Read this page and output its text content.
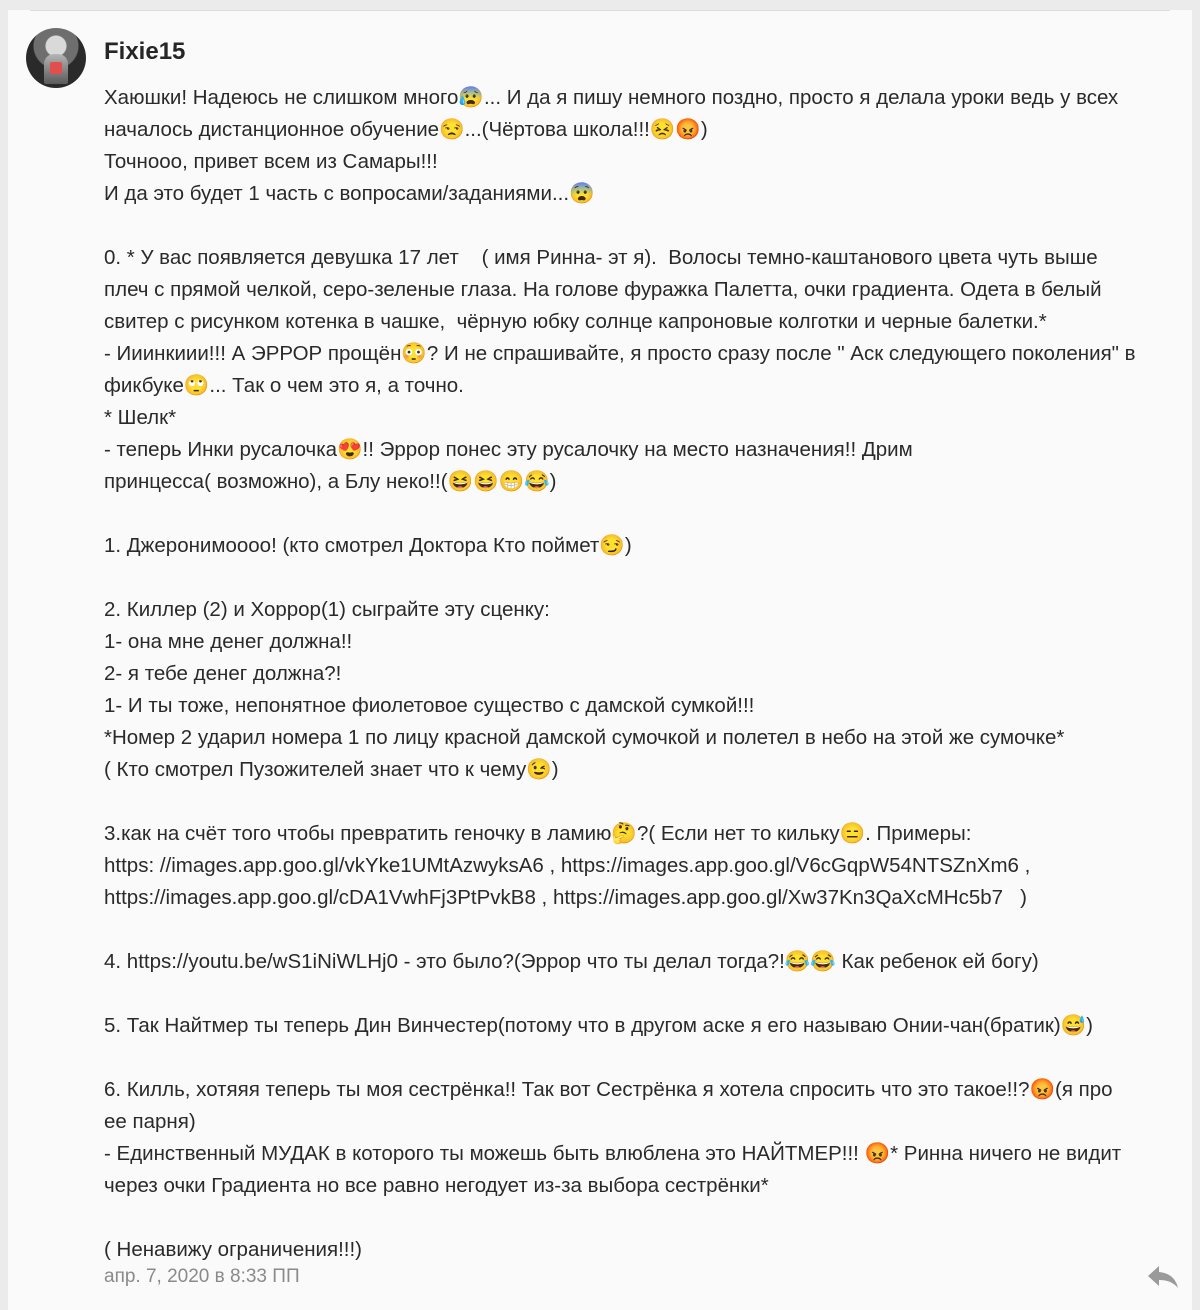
Fixie15
Хаюшки! Надеюсь не слишком много😰... И да я пишу немного поздно, просто я делала уроки ведь у всех
началось дистанционное обучение😒...(Чёртова школа!!!😣😡)
Точнооо, привет всем из Самары!!!
И да это будет 1 часть с вопросами/заданиями...😨
0. * У вас появляется девушка 17 лет    ( имя Ринна- эт я).  Волосы темно-каштанового цвета чуть выше
плеч с прямой челкой, серо-зеленые глаза. На голове фуражка Палетта, очки градиента. Одета в белый
свитер с рисунком котенка в чашке,  чёрную юбку солнце капроновые колготки и черные балетки.*
- Ииинкиии!!! А ЭРРОР прощён😳? И не спрашивайте, я просто сразу после " Аск следующего поколения" в
фикбуке🙄... Так о чем это я, а точно.
* Шелк*
- теперь Инки русалочка😍!! Эррор понес эту русалочку на место назначения!! Дрим
принцесса( возможно), а Блу неко!!(😆😆😁😂)
1. Джеронимоооо! (кто смотрел Доктора Кто поймет😏)
2. Киллер (2) и Хоррор(1) сыграйте эту сценку:
1- она мне денег должна!!
2- я тебе денег должна?!
1- И ты тоже, непонятное фиолетовое существо с дамской сумкой!!!
*Номер 2 ударил номера 1 по лицу красной дамской сумочкой и полетел в небо на этой же сумочке*
( Кто смотрел Пузожителей знает что к чему😉)
3.как на счёт того чтобы превратить геночку в ламию🤔?( Если нет то кильку😑. Примеры:
https: //images.app.goo.gl/vkYke1UMtAzwyksA6 , https://images.app.goo.gl/V6cGqpW54NTSZnXm6 ,
https://images.app.goo.gl/cDA1VwhFj3PtPvkB8 , https://images.app.goo.gl/Xw37Kn3QaXcMHc5b7   )
4. https://youtu.be/wS1iNiWLHj0 - это было?(Эррор что ты делал тогда?!😂😂 Как ребенок ей богу)
5. Так Найтмер ты теперь Дин Винчестер(потому что в другом аске я его называю Онии-чан(братик)😅)
6. Килль, хотяяя теперь ты моя сестрёнка!! Так вот Сестрёнка я хотела спросить что это такое!!?😡(я про
ее парня)
- Единственный МУДАК в которого ты можешь быть влюблена это НАЙТМЕР!!! 😡* Ринна ничего не видит
через очки Градиента но все равно негодует из-за выбора сестрёнки*
( Ненавижу ограничения!!!)
апр. 7, 2020 в 8:33 ПП
